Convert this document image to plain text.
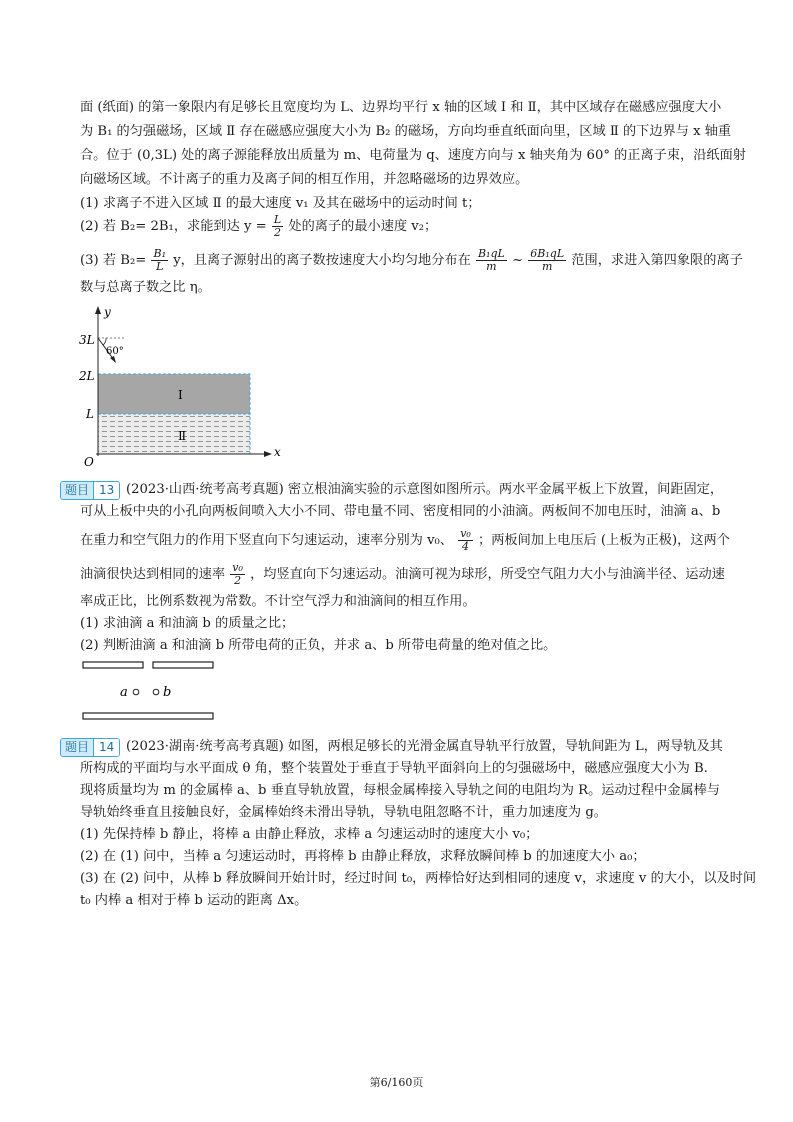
面 (纸面) 的第一象限内有足够长且宽度均为 L、边界均平行 x 轴的区域 Ⅰ 和 Ⅱ，其中区域存在磁感应强度大小
为 B₁ 的匀强磁场，区域 Ⅱ 存在磁感应强度大小为 B₂ 的磁场，方向均垂直纸面向里，区域 Ⅱ 的下边界与 x 轴重
合。位于 (0,3L) 处的离子源能释放出质量为 m、电荷量为 q、速度方向与 x 轴夹角为 60° 的正离子束，沿纸面射
向磁场区域。不计离子的重力及离子间的相互作用，并忽略磁场的边界效应。
(1) 求离子不进入区域 Ⅱ 的最大速度 v₁ 及其在磁场中的运动时间 t；
(2) 若 B₂= 2B₁，求能到达 $y = \frac{L}{2}$ 处的离子的最小速度 v₂；
(3) 若 $B_2= \frac{\text{B₁}}{L}$ y，且离子源射出的离子数按速度大小均匀地分布在 $\frac{\text{B₁qL}}{m}$ ~ $\frac{\text{6B₁qL}}{m}$ 范围，求进入第四象限的离子
数与总离子数之比 η。
y
x
O
3L
2L
L
60°
Ⅰ
Ⅱ
题目 13 (2023·山西·统考高考真题) 密立根油滴实验的示意图如图所示。两水平金属平板上下放置，间距固定，
可从上板中央的小孔向两板间喷入大小不同、带电量不同、密度相同的小油滴。两板间不加电压时，油滴 a、b
在重力和空气阻力的作用下竖直向下匀速运动，速率分别为 v₀、 $\frac{\text{v₀}}{4}$ ；两板间加上电压后 (上板为正极)，这两个
油滴很快达到相同的速率 $\frac{\text{v₀}}{2}$ ，均竖直向下匀速运动。油滴可视为球形，所受空气阻力大小与油滴半径、运动速
率成正比，比例系数视为常数。不计空气浮力和油滴间的相互作用。
(1) 求油滴 a 和油滴 b 的质量之比；
(2) 判断油滴 a 和油滴 b 所带电荷的正负，并求 a、b 所带电荷量的绝对值之比。
a	b
题目 14 (2023·湖南·统考高考真题) 如图，两根足够长的光滑金属直导轨平行放置，导轨间距为 L，两导轨及其
所构成的平面均与水平面成 θ 角，整个装置处于垂直于导轨平面斜向上的匀强磁场中，磁感应强度大小为 B.
现将质量均为 m 的金属棒 a、b 垂直导轨放置，每根金属棒接入导轨之间的电阻均为 R。运动过程中金属棒与
导轨始终垂直且接触良好，金属棒始终未滑出导轨，导轨电阻忽略不计，重力加速度为 g。
(1) 先保持棒 b 静止，将棒 a 由静止释放，求棒 a 匀速运动时的速度大小 v₀；
(2) 在 (1) 问中，当棒 a 匀速运动时，再将棒 b 由静止释放，求释放瞬间棒 b 的加速度大小 a₀；
(3) 在 (2) 问中，从棒 b 释放瞬间开始计时，经过时间 t₀，两棒恰好达到相同的速度 v，求速度 v 的大小，以及时间
t₀ 内棒 a 相对于棒 b 运动的距离 Δx。
第6/160页
